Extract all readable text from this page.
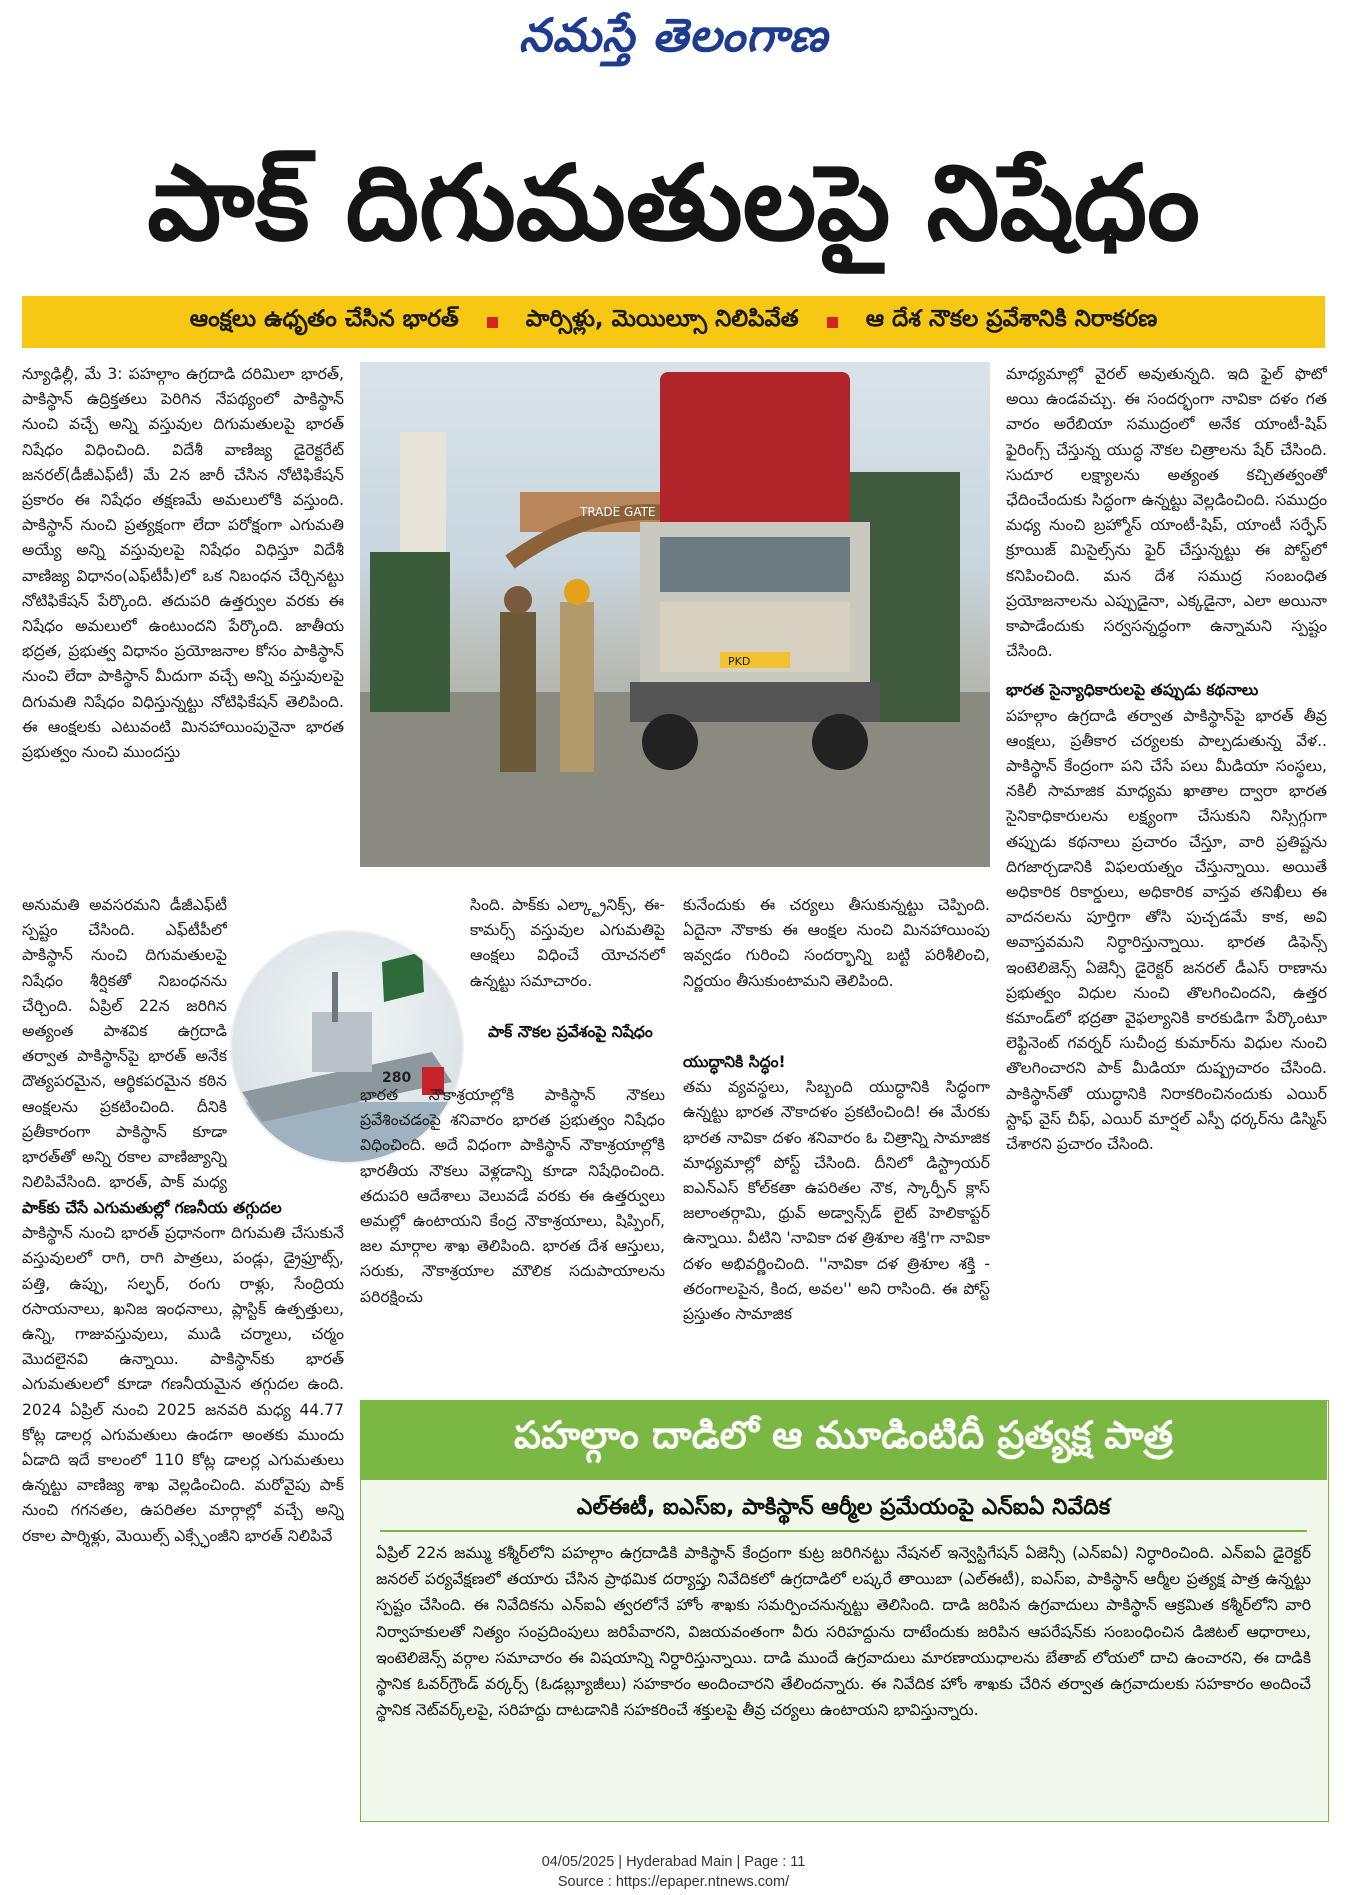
నమస్తే తెలంగాణ
పాక్ దిగుమతులపై నిషేధం
ఆంక్షలు ఉధృతం చేసిన భారత్	పార్సిళ్లు, మెయిల్సూ నిలిపివేత	ఆ దేశ నౌకల ప్రవేశానికి నిరాకరణ

న్యూఢిల్లీ, మే 3: పహల్గాం ఉగ్రదాడి దరిమిలా భారత్, పాకిస్థాన్ ఉద్రిక్తతలు పెరిగిన నేపథ్యంలో పాకిస్థాన్ నుంచి వచ్చే అన్ని వస్తువుల దిగుమతులపై భారత్ నిషేధం విధించింది. విదేశీ వాణిజ్య డైరెక్టరేట్ జనరల్(డీజీఎఫ్‌టీ) మే 2న జారీ చేసిన నోటిఫికేషన్ ప్రకారం ఈ నిషేధం తక్షణమే అమలులోకి వస్తుంది. పాకిస్థాన్ నుంచి ప్రత్యక్షంగా లేదా పరోక్షంగా ఎగుమతి అయ్యే అన్ని వస్తువులపై నిషేధం విధిస్తూ విదేశీ వాణిజ్య విధానం(ఎఫ్‌టీపీ)లో ఒక నిబంధన చేర్చినట్టు నోటిఫికేషన్ పేర్కొంది. తదుపరి ఉత్తర్వుల వరకు ఈ నిషేధం అమలులో ఉంటుందని పేర్కొంది. జాతీయ భద్రత, ప్రభుత్వ విధానం ప్రయోజనాల కోసం పాకిస్థాన్ నుంచి లేదా పాకిస్థాన్ మీదుగా వచ్చే అన్ని వస్తువులపై దిగుమతి నిషేధం విధిస్తున్నట్టు నోటిఫికేషన్ తెలిపింది. ఈ ఆంక్షలకు ఎటువంటి మినహాయింపునైనా భారత ప్రభుత్వం నుంచి ముందస్తు

అనుమతి అవసరమని డీజీఎఫ్‌టీ స్పష్టం చేసింది. ఎఫ్‌టీపీలో పాకిస్థాన్ నుంచి దిగుమతులపై నిషేధం శీర్షికతో నిబంధనను చేర్చింది. ఏప్రిల్ 22న జరిగిన అత్యంత పాశవిక ఉగ్రదాడి తర్వాత పాకిస్థాన్‌పై భారత్ అనేక దౌత్యపరమైన, ఆర్థికపరమైన కఠిన ఆంక్షలను ప్రకటించింది. దీనికి ప్రతీకారంగా పాకిస్థాన్ కూడా భారత్‌తో అన్ని రకాల వాణిజ్యాన్ని నిలిపివేసింది. భారత్, పాక్ మధ్య

పాక్‌కు చేసే ఎగుమతుల్లో గణనీయ తగ్గుదల

పాకిస్థాన్ నుంచి భారత్ ప్రధానంగా దిగుమతి చేసుకునే వస్తువులలో రాగి, రాగి పాత్రలు, పండ్లు, డ్రైఫ్రూట్స్, పత్తి, ఉప్పు, సల్ఫర్, రంగు రాళ్లు, సేంద్రియ రసాయనాలు, ఖనిజ ఇంధనాలు, ప్లాస్టిక్ ఉత్పత్తులు, ఉన్ని, గాజువస్తువులు, ముడి చర్మాలు, చర్మం మొదలైనవి ఉన్నాయి. పాకిస్థాన్‌కు భారత్ ఎగుమతులలో కూడా గణనీయమైన తగ్గుదల ఉంది. 2024 ఏప్రిల్ నుంచి 2025 జనవరి మధ్య 44.77 కోట్ల డాలర్ల ఎగుమతులు ఉండగా అంతకు ముందు ఏడాది ఇదే కాలంలో 110 కోట్ల డాలర్ల ఎగుమతులు ఉన్నట్టు వాణిజ్య శాఖ వెల్లడించింది. మరోవైపు పాక్ నుంచి గగనతల, ఉపరితల మార్గాల్లో వచ్చే అన్ని రకాల పార్శిళ్లు, మెయిల్స్ ఎక్స్ఛేంజీని భారత్ నిలిపివే

TRADE GATE
PKD
280

సింది. పాక్‌కు ఎల్క్ట్రానిక్స్, ఈ-కామర్స్ వస్తువుల ఎగుమతిపై ఆంక్షలు విధించే యోచనలో ఉన్నట్టు సమాచారం.

పాక్ నౌకల ప్రవేశంపై నిషేధం

భారత నౌకాశ్రయాల్లోకి పాకిస్థాన్ నౌకలు ప్రవేశించడంపై శనివారం భారత ప్రభుత్వం నిషేధం విధించింది. అదే విధంగా పాకిస్థాన్ నౌకాశ్రయాల్లోకి భారతీయ నౌకలు వెళ్లడాన్ని కూడా నిషేధించింది. తదుపరి ఆదేశాలు వెలువడే వరకు ఈ ఉత్తర్వులు అమల్లో ఉంటాయని కేంద్ర నౌకాశ్రయాలు, షిప్పింగ్, జల మార్గాల శాఖ తెలిపింది. భారత దేశ ఆస్తులు, సరుకు, నౌకాశ్రయాల మౌలిక సదుపాయాలను పరిరక్షించు

కునేందుకు ఈ చర్యలు తీసుకున్నట్టు చెప్పింది. ఏదైనా నౌకాకు ఈ ఆంక్షల నుంచి మినహాయింపు ఇవ్వడం గురించి సందర్భాన్ని బట్టి పరిశీలించి, నిర్ణయం తీసుకుంటామని తెలిపింది.

యుద్ధానికి సిద్ధం!

తమ వ్యవస్థలు, సిబ్బంది యుద్ధానికి సిద్ధంగా ఉన్నట్టు భారత నౌకాదళం ప్రకటించింది! ఈ మేరకు భారత నావికా దళం శనివారం ఓ చిత్రాన్ని సామాజిక మాధ్యమాల్లో పోస్ట్ చేసింది. దీనిలో డిస్ట్రాయర్ ఐఎన్ఎస్ కోల్‌కతా ఉపరితల నౌక, స్కార్పీన్ క్లాస్ జలాంతర్గామి, ధ్రువ్ అడ్వాన్స్‌డ్ లైట్ హెలికాప్టర్ ఉన్నాయి. వీటిని 'నావికా దళ త్రిశూల శక్తి'గా నావికా దళం అభివర్ణించింది. ''నావికా దళ త్రిశూల శక్తి - తరంగాలపైన, కింద, అవల'' అని రాసింది. ఈ పోస్ట్ ప్రస్తుతం సామాజిక

మాధ్యమాల్లో వైరల్ అవుతున్నది. ఇది ఫైల్ ఫొటో అయి ఉండవచ్చు. ఈ సందర్భంగా నావికా దళం గత వారం అరేబియా సముద్రంలో అనేక యాంటీ-షిప్ ఫైరింగ్స్ చేస్తున్న యుద్ధ నౌకల చిత్రాలను షేర్ చేసింది. సుదూర లక్ష్యాలను అత్యంత కచ్చితత్వంతో ఛేదించేందుకు సిద్ధంగా ఉన్నట్టు వెల్లడించింది. సముద్రం మధ్య నుంచి బ్రహ్మోస్ యాంటీ-షిప్, యాంటీ సర్ఫేస్ క్రూయిజ్ మిసైల్స్‌ను ఫైర్ చేస్తున్నట్టు ఈ పోస్ట్‌లో కనిపించింది. మన దేశ సముద్ర సంబంధిత ప్రయోజనాలను ఎప్పుడైనా, ఎక్కడైనా, ఎలా అయినా కాపాడేందుకు సర్వసన్నద్ధంగా ఉన్నామని స్పష్టం చేసింది.

భారత సైన్యాధికారులపై తప్పుడు కథనాలు

పహల్గాం ఉగ్రదాడి తర్వాత పాకిస్థాన్‌పై భారత్ తీవ్ర ఆంక్షలు, ప్రతీకార చర్యలకు పాల్పడుతున్న వేళ.. పాకిస్థాన్ కేంద్రంగా పని చేసే పలు మీడియా సంస్థలు, నకిలీ సామాజిక మాధ్యమ ఖాతాల ద్వారా భారత సైనికాధికారులను లక్ష్యంగా చేసుకుని నిస్సిగ్గుగా తప్పుడు కథనాలు ప్రచారం చేస్తూ, వారి ప్రతిష్టను దిగజార్చడానికి విఫలయత్నం చేస్తున్నాయి. అయితే అధికారిక రికార్డులు, అధికారిక వాస్తవ తనిఖీలు ఈ వాదనలను పూర్తిగా తోసి పుచ్చడమే కాక, అవి అవాస్తవమని నిర్ధారిస్తున్నాయి. భారత డిఫెన్స్ ఇంటెలిజెన్స్ ఏజెన్సీ డైరెక్టర్ జనరల్ డీఎస్ రాణాను ప్రభుత్వం విధుల నుంచి తొలగించిందని, ఉత్తర కమాండ్‌లో భద్రతా వైఫల్యానికి కారకుడిగా పేర్కొంటూ లెఫ్టినెంట్ గవర్నర్ సుచీంద్ర కుమార్‌ను విధుల నుంచి తొలగించారని పాక్ మీడియా దుష్ప్రచారం చేసింది. పాకిస్థాన్‌తో యుద్ధానికి నిరాకరించినందుకు ఎయిర్ స్టాఫ్ వైస్ చీఫ్, ఎయిర్ మార్షల్ ఎస్పీ ధర్కర్‌ను డిస్మిస్ చేశారని ప్రచారం చేసింది.

పహల్గాం దాడిలో ఆ మూడింటిదీ ప్రత్యక్ష పాత్ర
ఎల్ఈటీ, ఐఎస్ఐ, పాకిస్థాన్ ఆర్మీల ప్రమేయంపై ఎన్ఐఏ నివేదిక
ఏప్రిల్ 22న జమ్ము కశ్మీర్‌లోని పహల్గాం ఉగ్రదాడికి పాకిస్థాన్ కేంద్రంగా కుట్ర జరిగినట్టు నేషనల్ ఇన్వెస్టిగేషన్ ఏజెన్సీ (ఎన్ఐఏ) నిర్ధారించింది. ఎన్ఐఏ డైరెక్టర్ జనరల్ పర్యవేక్షణలో తయారు చేసిన ప్రాథమిక దర్యాప్తు నివేదికలో ఉగ్రదాడిలో లష్కరే తాయిబా (ఎల్ఈటీ), ఐఎస్ఐ, పాకిస్థాన్ ఆర్మీల ప్రత్యక్ష పాత్ర ఉన్నట్టు స్పష్టం చేసింది. ఈ నివేదికను ఎన్ఐఏ త్వరలోనే హోం శాఖకు సమర్పించనున్నట్టు తెలిసింది. దాడి జరిపిన ఉగ్రవాదులు పాకిస్థాన్ ఆక్రమిత కశ్మీర్‌లోని వారి నిర్వాహకులతో నిత్యం సంప్రదింపులు జరిపేవారని, విజయవంతంగా వీరు సరిహద్దును దాటేందుకు జరిపిన ఆపరేషన్‌కు సంబంధించిన డిజిటల్ ఆధారాలు, ఇంటెలిజెన్స్ వర్గాల సమాచారం ఈ విషయాన్ని నిర్ధారిస్తున్నాయి. దాడి ముందే ఉగ్రవాదులు మారణాయుధాలను బేతాబ్ లోయలో దాచి ఉంచారని, ఈ దాడికి స్థానిక ఓవర్‌గ్రౌండ్ వర్కర్స్ (ఓడబ్ల్యూజీలు) సహకారం అందించారని తేలిందన్నారు. ఈ నివేదిక హోం శాఖకు చేరిన తర్వాత ఉగ్రవాదులకు సహకారం అందించే స్థానిక నెట్‌వర్క్‌లపై, సరిహద్దు దాటడానికి సహకరించే శక్తులపై తీవ్ర చర్యలు ఉంటాయని భావిస్తున్నారు.
04/05/2025 | Hyderabad Main | Page : 11
Source : https://epaper.ntnews.com/
